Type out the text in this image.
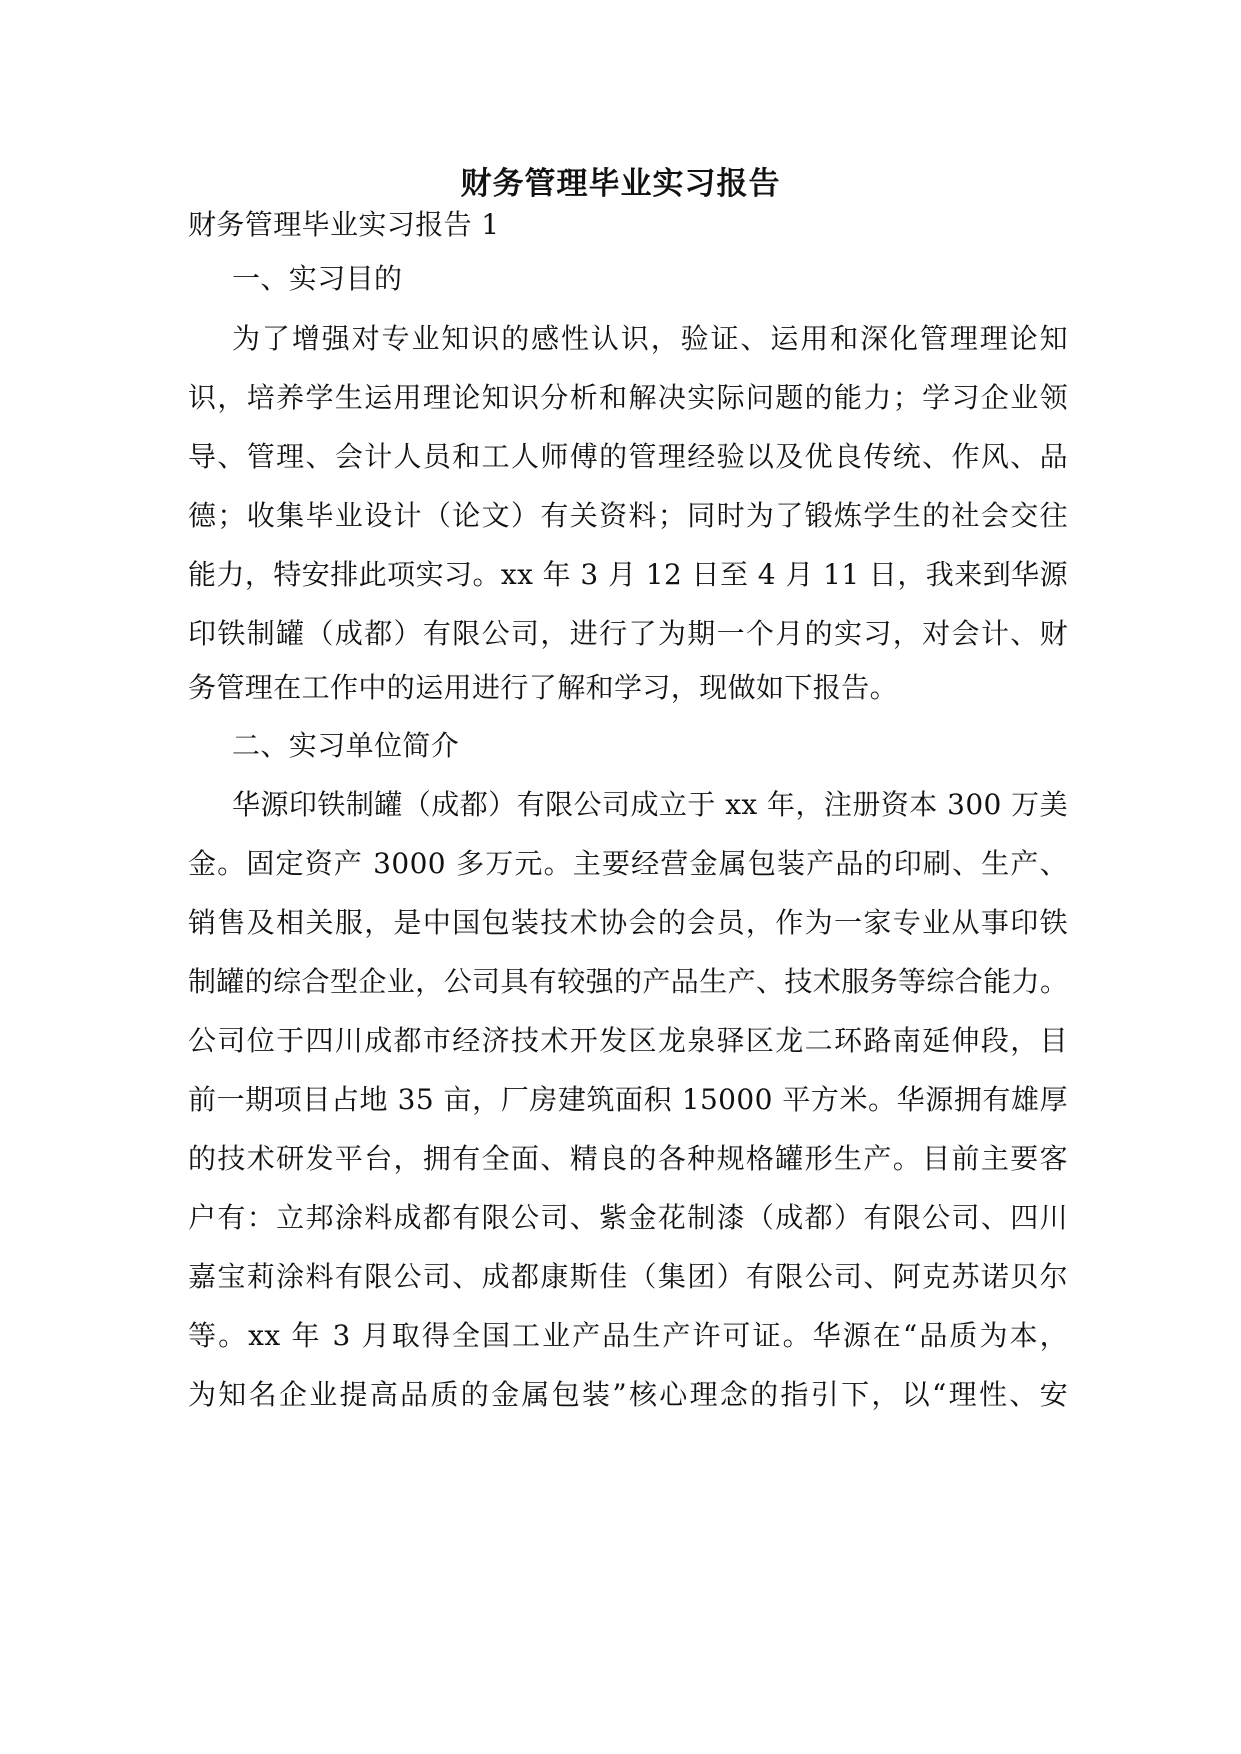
财务管理毕业实习报告
财务管理毕业实习报告 1
一、实习目的
为了增强对专业知识的感性认识，验证、运用和深化管理理论知
识，培养学生运用理论知识分析和解决实际问题的能力；学习企业领
导、管理、会计人员和工人师傅的管理经验以及优良传统、作风、品
德；收集毕业设计（论文）有关资料；同时为了锻炼学生的社会交往
能力，特安排此项实习。xx 年 3 月 12 日至 4 月 11 日，我来到华源
印铁制罐（成都）有限公司，进行了为期一个月的实习，对会计、财
务管理在工作中的运用进行了解和学习，现做如下报告。
二、实习单位简介
华源印铁制罐（成都）有限公司成立于 xx 年，注册资本 300 万美
金。固定资产 3000 多万元。主要经营金属包装产品的印刷、生产、
销售及相关服，是中国包装技术协会的会员，作为一家专业从事印铁
制罐的综合型企业，公司具有较强的产品生产、技术服务等综合能力。
公司位于四川成都市经济技术开发区龙泉驿区龙二环路南延伸段，目
前一期项目占地 35 亩，厂房建筑面积 15000 平方米。华源拥有雄厚
的技术研发平台，拥有全面、精良的各种规格罐形生产。目前主要客
户有：立邦涂料成都有限公司、紫金花制漆（成都）有限公司、四川
嘉宝莉涂料有限公司、成都康斯佳（集团）有限公司、阿克苏诺贝尔
等。xx 年 3 月取得全国工业产品生产许可证。华源在“品质为本，
为知名企业提高品质的金属包装”核心理念的指引下，以“理性、安
